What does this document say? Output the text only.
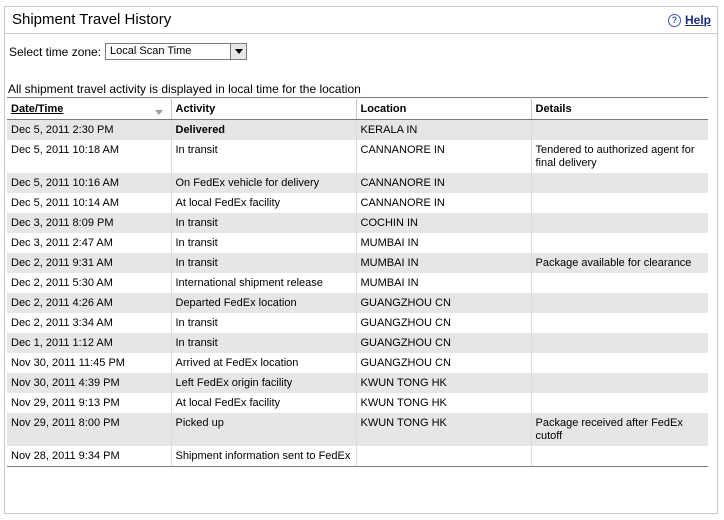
Shipment Travel History	? Help
Select time zone: Local Scan Time
All shipment travel activity is displayed in local time for the location
Date/Time	Activity	Location	Details
Dec 5, 2011 2:30 PM	Delivered	KERALA IN	
Dec 5, 2011 10:18 AM	In transit	CANNANORE IN	Tendered to authorized agent for final delivery
Dec 5, 2011 10:16 AM	On FedEx vehicle for delivery	CANNANORE IN	
Dec 5, 2011 10:14 AM	At local FedEx facility	CANNANORE IN	
Dec 3, 2011 8:09 PM	In transit	COCHIN IN	
Dec 3, 2011 2:47 AM	In transit	MUMBAI IN	
Dec 2, 2011 9:31 AM	In transit	MUMBAI IN	Package available for clearance
Dec 2, 2011 5:30 AM	International shipment release	MUMBAI IN	
Dec 2, 2011 4:26 AM	Departed FedEx location	GUANGZHOU CN	
Dec 2, 2011 3:34 AM	In transit	GUANGZHOU CN	
Dec 1, 2011 1:12 AM	In transit	GUANGZHOU CN	
Nov 30, 2011 11:45 PM	Arrived at FedEx location	GUANGZHOU CN	
Nov 30, 2011 4:39 PM	Left FedEx origin facility	KWUN TONG HK	
Nov 29, 2011 9:13 PM	At local FedEx facility	KWUN TONG HK	
Nov 29, 2011 8:00 PM	Picked up	KWUN TONG HK	Package received after FedEx cutoff
Nov 28, 2011 9:34 PM	Shipment information sent to FedEx		
